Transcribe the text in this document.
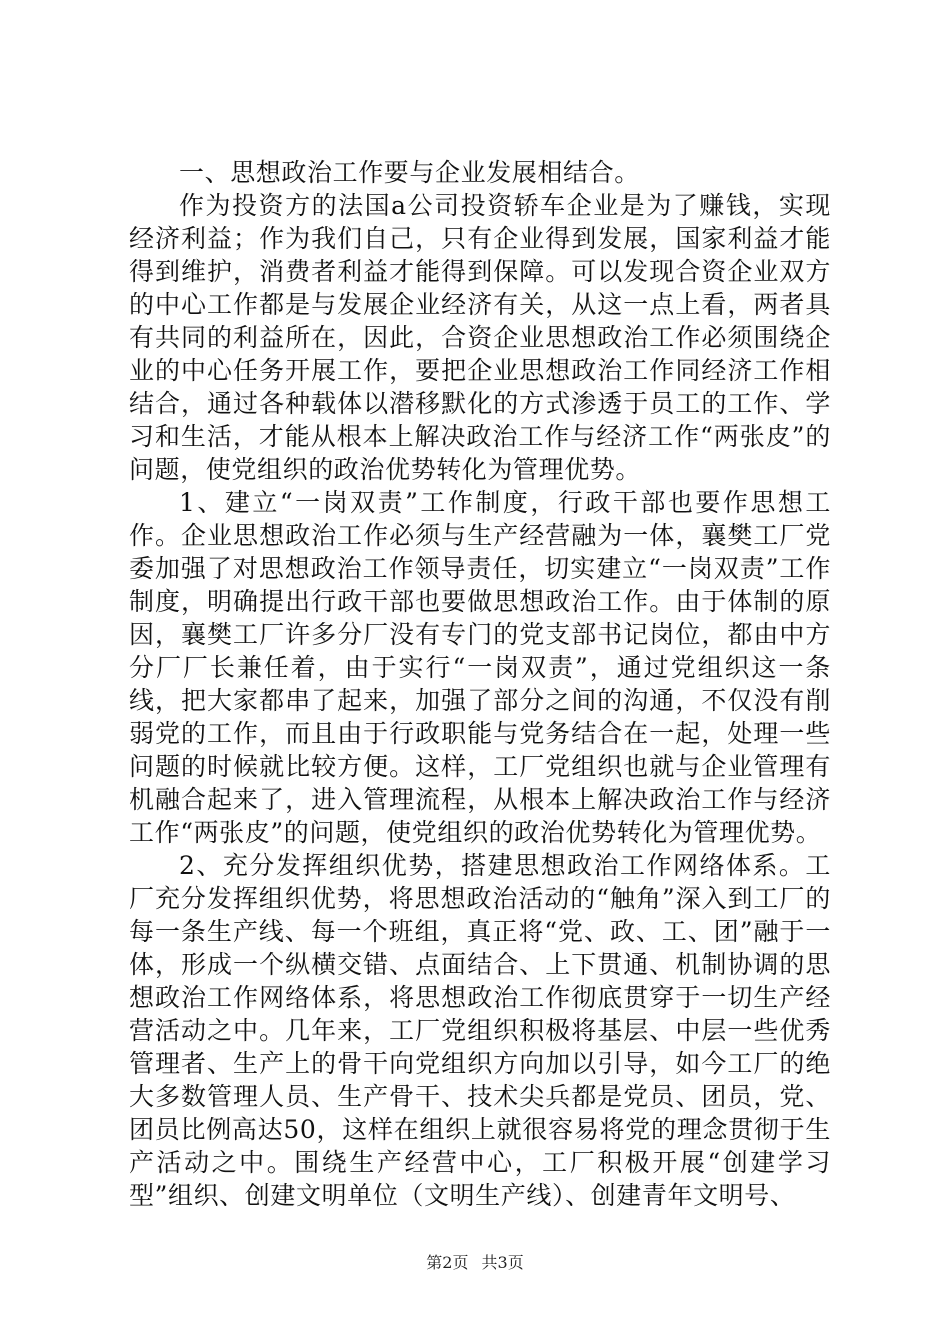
一、思想政治工作要与企业发展相结合。

作为投资方的法国a公司投资轿车企业是为了赚钱，实现经济利益；作为我们自己，只有企业得到发展，国家利益才能得到维护，消费者利益才能得到保障。可以发现合资企业双方的中心工作都是与发展企业经济有关，从这一点上看，两者具有共同的利益所在，因此，合资企业思想政治工作必须围绕企业的中心任务开展工作，要把企业思想政治工作同经济工作相结合，通过各种载体以潜移默化的方式渗透于员工的工作、学习和生活，才能从根本上解决政治工作与经济工作“两张皮”的问题，使党组织的政治优势转化为管理优势。

1、建立“一岗双责”工作制度，行政干部也要作思想工作。企业思想政治工作必须与生产经营融为一体，襄樊工厂党委加强了对思想政治工作领导责任，切实建立“一岗双责”工作制度，明确提出行政干部也要做思想政治工作。由于体制的原因，襄樊工厂许多分厂没有专门的党支部书记岗位，都由中方分厂厂长兼任着，由于实行“一岗双责”，通过党组织这一条线，把大家都串了起来，加强了部分之间的沟通，不仅没有削弱党的工作，而且由于行政职能与党务结合在一起，处理一些问题的时候就比较方便。这样，工厂党组织也就与企业管理有机融合起来了，进入管理流程，从根本上解决政治工作与经济工作“两张皮”的问题，使党组织的政治优势转化为管理优势。

2、充分发挥组织优势，搭建思想政治工作网络体系。工厂充分发挥组织优势，将思想政治活动的“触角”深入到工厂的每一条生产线、每一个班组，真正将“党、政、工、团”融于一体，形成一个纵横交错、点面结合、上下贯通、机制协调的思想政治工作网络体系，将思想政治工作彻底贯穿于一切生产经营活动之中。几年来，工厂党组织积极将基层、中层一些优秀管理者、生产上的骨干向党组织方向加以引导，如今工厂的绝大多数管理人员、生产骨干、技术尖兵都是党员、团员，党、团员比例高达50，这样在组织上就很容易将党的理念贯彻于生产活动之中。围绕生产经营中心，工厂积极开展“创建学习型”组织、创建文明单位（文明生产线）、创建青年文明号、

第2页 共3页
